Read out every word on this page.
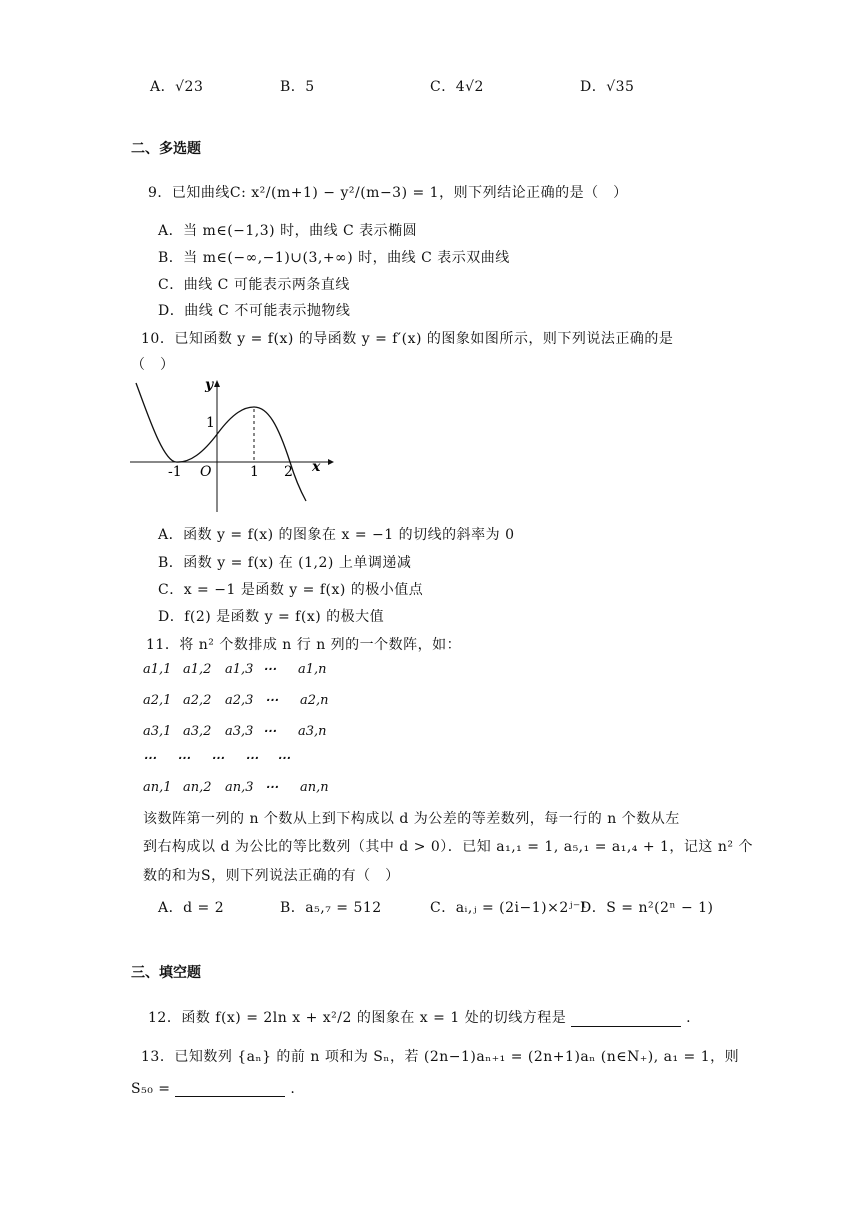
A．√23	B．5	C．4√2	D．√35
二、多选题
9．已知曲线C: x²/(m+1) − y²/(m−3) = 1，则下列结论正确的是（　）
A．当 m∈(−1,3) 时，曲线 C 表示椭圆
B．当 m∈(−∞,−1)∪(3,+∞) 时，曲线 C 表示双曲线
C．曲线 C 可能表示两条直线
D．曲线 C 不可能表示抛物线
10．已知函数 y = f(x) 的导函数 y = f′(x) 的图象如图所示，则下列说法正确的是
（　）
y
x
O
-1	1 2
1
A．函数 y = f(x) 的图象在 x = −1 的切线的斜率为 0
B．函数 y = f(x) 在 (1,2) 上单调递减
C．x = −1 是函数 y = f(x) 的极小值点
D．f(2) 是函数 y = f(x) 的极大值
11．将 n² 个数排成 n 行 n 列的一个数阵，如：
a1,1 a1,2 a1,3 ⋯ a1,n
a2,1 a2,2 a2,3 ⋯ a2,n
a3,1 a3,2 a3,3 ⋯ a3,n
⋯ ⋯ ⋯ ⋯ ⋯
an,1 an,2 an,3 ⋯ an,n
该数阵第一列的 n 个数从上到下构成以 d 为公差的等差数列，每一行的 n 个数从左
到右构成以 d 为公比的等比数列（其中 d > 0）．已知 a₁,₁ = 1, a₅,₁ = a₁,₄ + 1，记这 n² 个
数的和为S，则下列说法正确的有（　）
A．d = 2	B．a₅,₇ = 512	C．aᵢ,ⱼ = (2i−1)×2ʲ⁻¹
D．S = n²(2ⁿ − 1)
三、填空题
12．函数 f(x) = 2ln x + x²/2 的图象在 x = 1 处的切线方程是	.
13．已知数列 {aₙ} 的前 n 项和为 Sₙ，若 (2n−1)aₙ₊₁ = (2n+1)aₙ (n∈N₊), a₁ = 1，则
S₅₀ =	.
